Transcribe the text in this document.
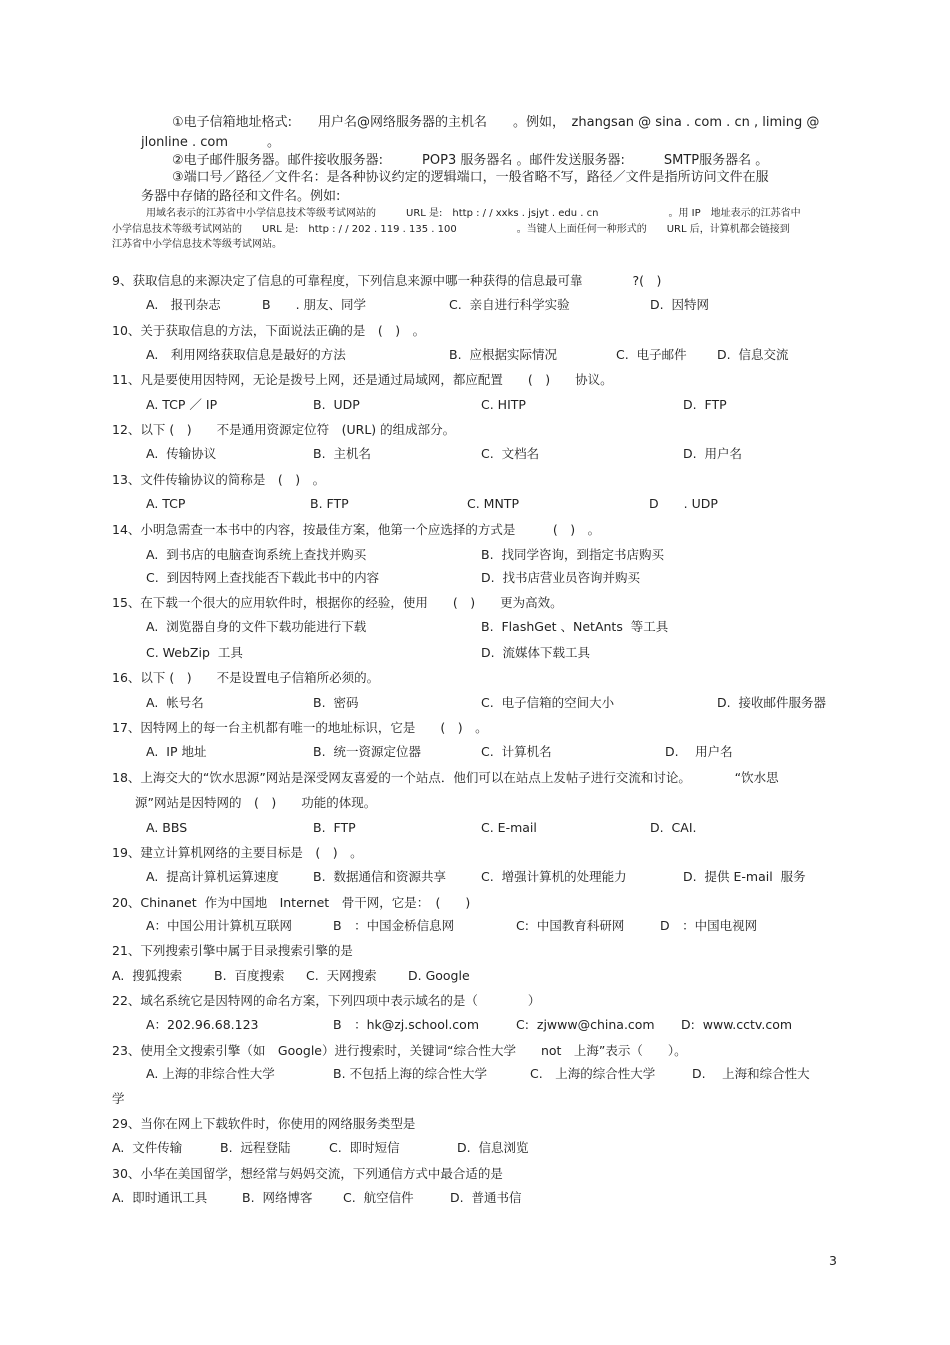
①电子信箱地址格式:　　用户名@网络服务器的主机名　　。例如，　zhangsan @ sina . com . cn , liming @
jlonline . com　　　。
②电子邮件服务器。邮件接收服务器:　　　POP3 服务器名 。邮件发送服务器:　　　SMTP服务器名 。
③端口号／路径／文件名：是各种协议约定的逻辑端口，一般省略不写，路径／文件是指所访问文件在服
务器中存储的路径和文件名。例如:
用域名表示的江苏省中小学信息技术等级考试网站的　　　URL 是:　http : / / xxks . jsjyt . edu . cn　　　　　　　。用 IP　地址表示的江苏省中
小学信息技术等级考试网站的　　URL 是:　http : / / 202 . 119 . 135 . 100　　　　　　。当键人上面任何一种形式的　　URL 后，计算机都会链接到
江苏省中小学信息技术等级考试网站。
9、获取信息的来源决定了信息的可靠程度，下列信息来源中哪一种获得的信息最可靠　　　　?(　)
A.　报刊杂志	B　　. 朋友、同学	C.  亲自进行科学实验	D.  因特网
10、关于获取信息的方法，下面说法正确的是　(　)　。
A.　利用网络获取信息是最好的方法	B.  应根据实际情况	C.  电子邮件 D.  信息交流
11、凡是要使用因特网，无论是拨号上网，还是通过局域网，都应配置　　(　)　　协议。
A. TCP ／ IP	B.  UDP	C. HITP	D.  FTP
12、以下 (　)　　不是通用资源定位符　(URL) 的组成部分。
A.  传输协议	B.  主机名	C.  文档名	D.  用户名
13、文件传输协议的简称是　(　)　。
A. TCP	B. FTP	C. MNTP	D　　. UDP
14、小明急需查一本书中的内容，按最佳方案，他第一个应选择的方式是　　　(　)　。
A.  到书店的电脑查询系统上查找并购买	B.  找同学咨询，到指定书店购买
C.  到因特网上查找能否下载此书中的内容	D.  找书店营业员咨询并购买
15、在下载一个很大的应用软件时，根据你的经验，使用　　(　)　　更为高效。
A.  浏览器自身的文件下载功能进行下载	B.  FlashGet 、NetAnts  等工具
C. WebZip  工具	D.  流媒体下载工具
16、以下 (　)　　不是设置电子信箱所必须的。
A.  帐号名	B.  密码	C.  电子信箱的空间大小	D.  接收邮件服务器
17、因特网上的每一台主机都有唯一的地址标识，它是　　(　)　。
A.  IP 地址	B.  统一资源定位器	C.  计算机名	D.　 用户名
18、上海交大的“饮水思源”网站是深受网友喜爱的一个站点．他们可以在站点上发帖子进行交流和讨论。　　　　“饮水思
源”网站是因特网的　(　)　　功能的体现。
A. BBS	B.  FTP	C. E-mail	D.  CAI.
19、建立计算机网络的主要目标是　(　)　。
A.  提高计算机运算速度	B.  数据通信和资源共享	C.  增强计算机的处理能力	D.  提供 E-mail  服务
20、Chinanet  作为中国地　Internet　骨干网，它是：　(　　)
A：中国公用计算机互联网	B　：中国金桥信息网	C:  中国教育科研网	D　：中国电视网
21、下列搜索引擎中属于目录搜索引擎的是
A.  搜狐搜索	B.  百度搜索 C.  天网搜索	D. Google
22、域名系统它是因特网的命名方案，下列四项中表示域名的是（　　　　）
A：202.96.68.123	B　：hk@zj.school.com	C:  zjwww@china.com D:  www.cctv.com
23、使用全文搜索引擎（如　Google）进行搜索时，关键词“综合性大学　　not　上海”表示（　　）。
A. 上海的非综合性大学	B. 不包括上海的综合性大学	C.　上海的综合性大学	D.　 上海和综合性大
学
29、当你在网上下载软件时，你使用的网络服务类型是
A.  文件传输	B.  远程登陆	C.  即时短信	D.  信息浏览
30、小华在美国留学，想经常与妈妈交流，下列通信方式中最合适的是
A.  即时通讯工具	B.  网络博客 C.  航空信件	D.  普通书信
3
